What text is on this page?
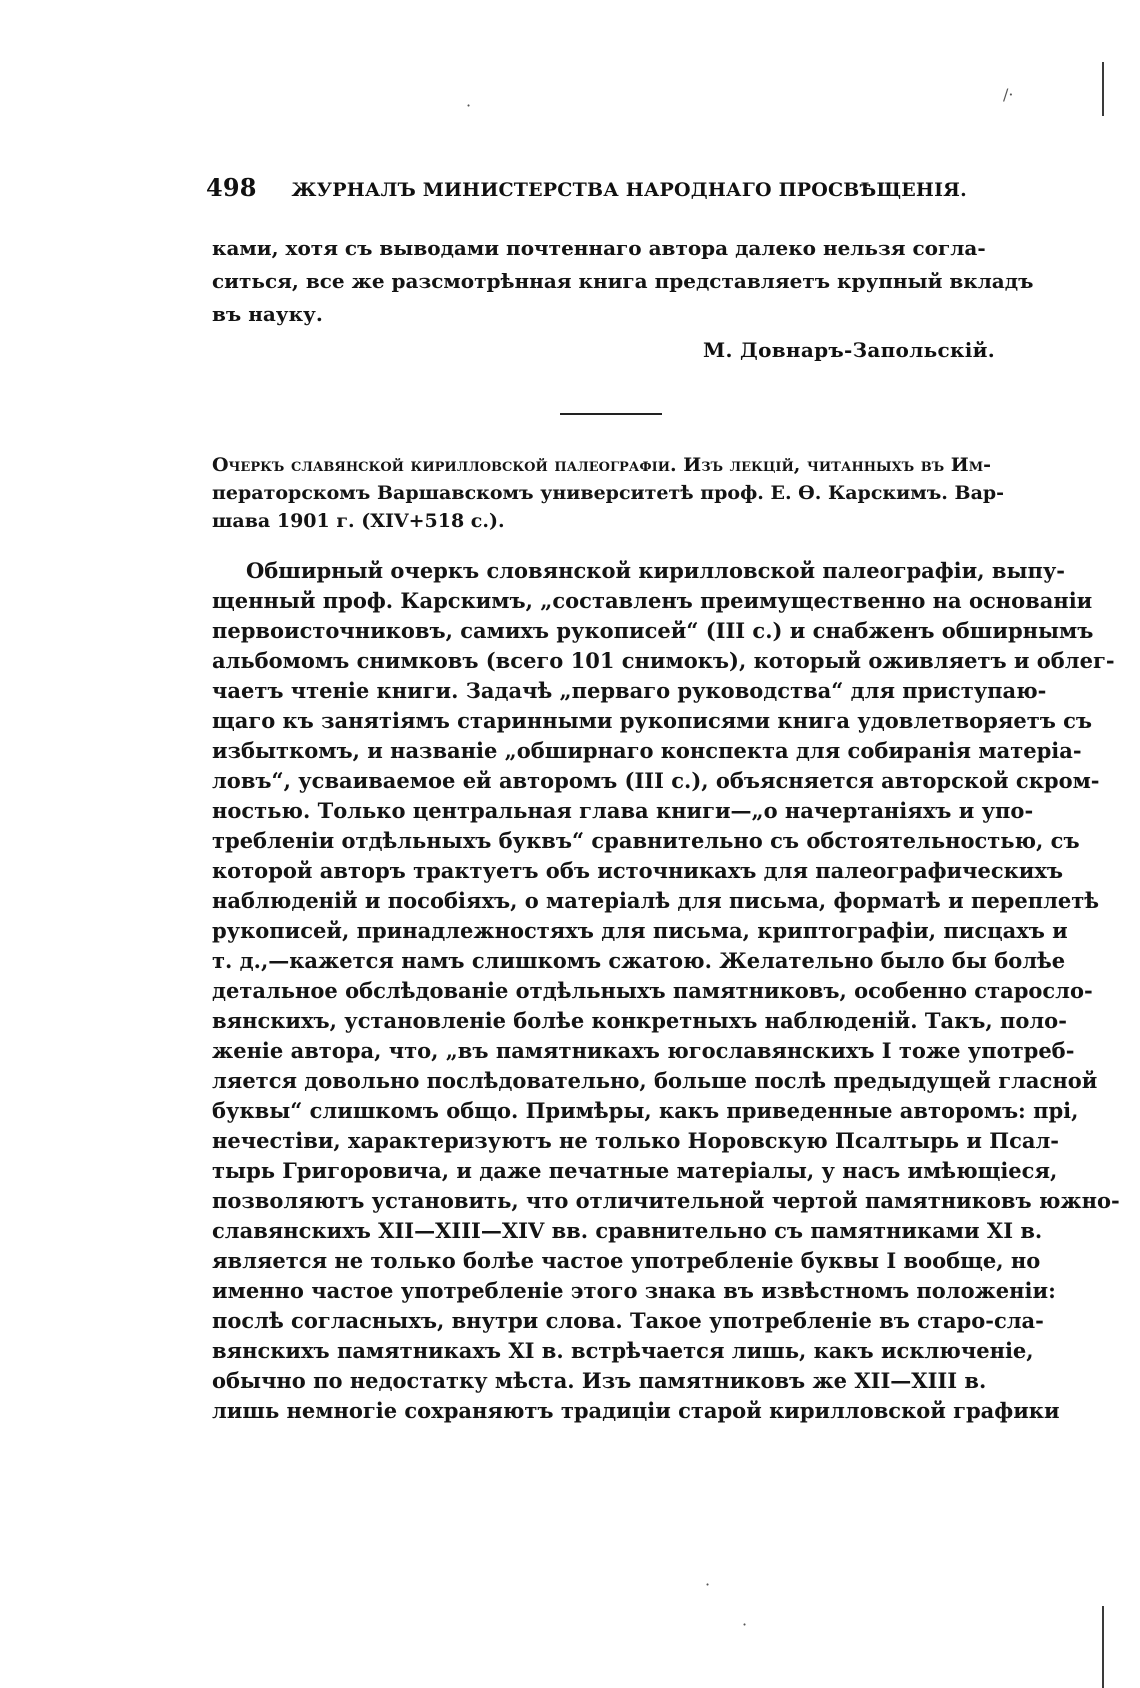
·
/·
·
·
498 ЖУРНАЛЪ МИНИСТЕРСТВА НАРОДНАГО ПРОСВѢЩЕНІЯ.
ками, хотя съ выводами почтеннаго автора далеко нельзя согла-
ситься, все же разсмотрѣнная книга представляетъ крупный вкладъ
въ науку.
М. Довнаръ-Запольскій.
Очеркъ славянской кирилловской палеографіи. Изъ лекцій, читанныхъ въ Им-
ператорскомъ Варшавскомъ университетѣ проф. Е. Ѳ. Карскимъ. Вар-
шава 1901 г. (XIV+518 с.).
Обширный очеркъ словянской кирилловской палеографіи, выпу-
щенный проф. Карскимъ, „составленъ преимущественно на основаніи
первоисточниковъ, самихъ рукописей“ (III с.) и снабженъ обширнымъ
альбомомъ снимковъ (всего 101 снимокъ), который оживляетъ и облег-
чаетъ чтеніе книги. Задачѣ „перваго руководства“ для приступаю-
щаго къ занятіямъ старинными рукописями книга удовлетворяетъ съ
избыткомъ, и названіе „обширнаго конспекта для собиранія матеріа-
ловъ“, усваиваемое ей авторомъ (III с.), объясняется авторской скром-
ностью. Только центральная глава книги—„о начертаніяхъ и упо-
требленіи отдѣльныхъ буквъ“ сравнительно съ обстоятельностью, съ
которой авторъ трактуетъ объ источникахъ для палеографическихъ
наблюденій и пособіяхъ, о матеріалѣ для письма, форматѣ и переплетѣ
рукописей, принадлежностяхъ для письма, криптографіи, писцахъ и
т. д.,—кажется намъ слишкомъ сжатою. Желательно было бы болѣе
детальное обслѣдованіе отдѣльныхъ памятниковъ, особенно старосло-
вянскихъ, установленіе болѣе конкретныхъ наблюденій. Такъ, поло-
женіе автора, что, „въ памятникахъ югославянскихъ І тоже употреб-
ляется довольно послѣдовательно, больше послѣ предыдущей гласной
буквы“ слишкомъ общо. Примѣры, какъ приведенные авторомъ: прі,
нечестіви, характеризуютъ не только Норовскую Псалтырь и Псал-
тырь Григоровича, и даже печатные матеріалы, у насъ имѣющіеся,
позволяютъ установить, что отличительной чертой памятниковъ южно-
славянскихъ XII—XIII—XIV вв. сравнительно съ памятниками XI в.
является не только болѣе частое употребленіе буквы І вообще, но
именно частое употребленіе этого знака въ извѣстномъ положеніи:
послѣ согласныхъ, внутри слова. Такое употребленіе въ старо-сла-
вянскихъ памятникахъ XI в. встрѣчается лишь, какъ исключеніе,
обычно по недостатку мѣста. Изъ памятниковъ же XII—XIII в.
лишь немногіе сохраняютъ традиціи старой кирилловской графики
